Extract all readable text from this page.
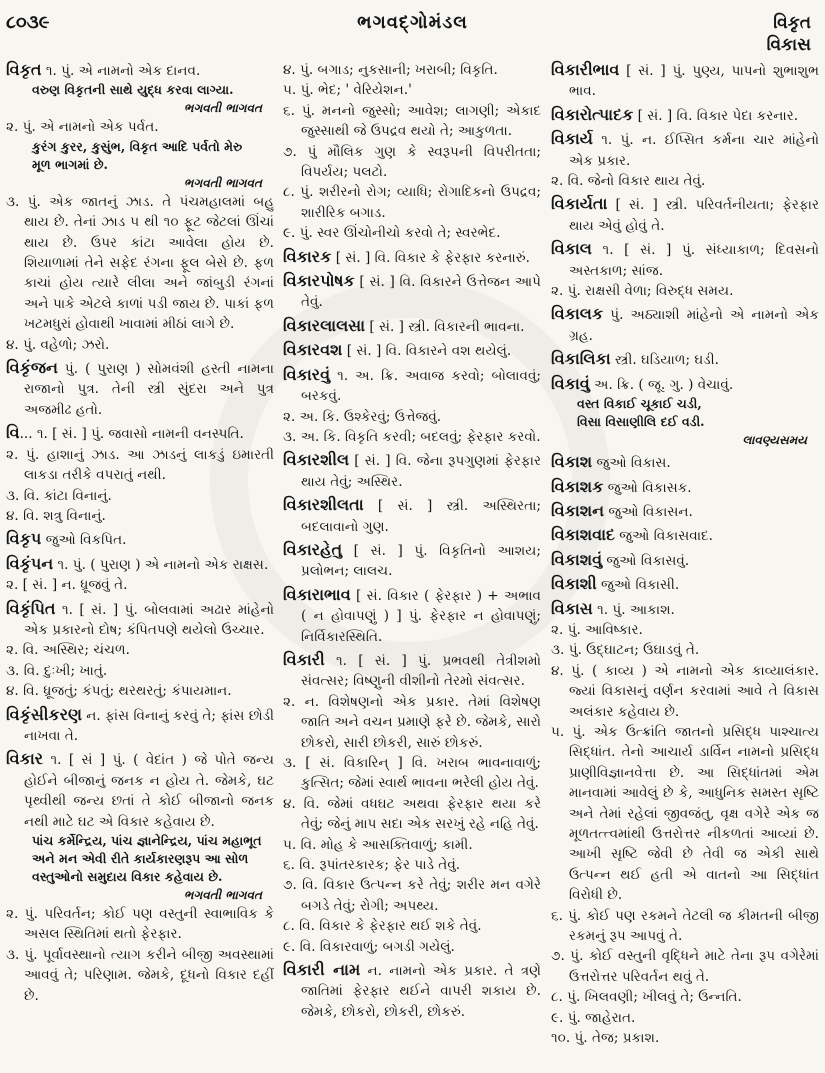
૮૦૩૯	ભગવદ્ગોમંડલ	વિકૃત
વિકાસ
વિકૃત ૧. પું. એ નામનો એક દાનવ.
વરુણ વિકૃતની સાથે યુદ્ધ કરવા લાગ્યા.
ભગવતી ભાગવત
૨. પું. એ નામનો એક પર્વત.
કુરંગ કુરર, કુસુંભ, વિકૃત આદિ પર્વતો મેરુ
મૂળ ભાગમાં છે.
ભગવતી ભાગવત
૩. પું. એક જાતનું ઝાડ. તે પંચમહાલમાં બહુ થાય છે. તેનાં ઝાડ ૫ થી ૧૦ ફૂટ જેટલાં ઊંચાં થાય છે. ઉપર કાંટા આવેલા હોય છે. શિયાળામાં તેને સફેદ રંગના ફૂલ બેસે છે. ફળ કાચાં હોય ત્યારે લીલા અને જાંબુડી રંગનાં અને પાકે એટલે કાળાં પડી જાય છે. પાકાં ફળ ખટમધુરાં હોવાથી ખાવામાં મીઠાં લાગે છે.
૪. પું. વહેળો; ઝરો.
વિકૃંજન પું. ( પુરાણ ) સોમવંશી હસ્તી નામના રાજાનો પુત્ર. તેની સ્ત્રી સુંદરા અને પુત્ર અજમીઢ હતો.
વિ... ૧. [ સં. ] પું. જવાસો નામની વનસ્પતિ.
૨. પું. હાશાનું ઝાડ. આ ઝાડનું લાકડું ઇમારતી લાકડા તરીકે વપરાતું નથી.
૩. વિ. કાંટા વિનાનું.
૪. વિ. શત્રુ વિનાનું.
વિકૃપ જુઓ વિકપિત.
વિકૃંપન ૧. પું. ( પુરાણ ) એ નામનો એક રાક્ષસ.
૨. [ સં. ] ન. ધ્રૂજવું તે.
વિકૃંપિત ૧. [ સં. ] પું. બોલવામાં અઢાર માંહેનો એક પ્રકારનો દોષ; કંપિતપણે થયેલો ઉચ્ચાર.
૨. વિ. અસ્થિર; ચંચળ.
૩. વિ. દુઃખી; ખાતું.
૪. વિ. ધ્રૂજતું; કંપતું; થરથરતું; કંપાયમાન.
વિકૃંસીકરણ ન. ફાંસ વિનાનું કરવું તે; ફાંસ છોડી નાખવા તે.
વિકાર ૧. [ સં ] પું. ( વેદાંત ) જે પોતે જન્ય હોઈને બીજાનું જનક ન હોય તે. જેમકે, ઘટ પૃથ્વીથી જન્ય છતાં તે કોઈ બીજાનો જનક નથી માટે ઘટ એ વિકાર કહેવાય છે.
પાંચ કર્મેન્દ્રિય, પાંચ જ્ઞાનેન્દ્રિય, પાંચ મહાભૂત
અને મન એવી રીતે કાર્યકારણરૂપ આ સોળ
વસ્તુઓનો સમુદાય વિકાર કહેવાય છે.
ભગવતી ભાગવત
૨. પું. પરિવર્તન; કોઈ પણ વસ્તુની સ્વાભાવિક કે અસલ સ્થિતિમાં થતો ફેરફાર.
૩. પું. પૂર્વાવસ્થાનો ત્યાગ કરીને બીજી અવસ્થામાં આવવું તે; પરિણામ. જેમકે, દૂધનો વિકાર દહીં છે.
૪. પું. બગાડ; નુકસાની; ખરાબી; વિકૃતિ.
૫. પું. ભેદ; ' વેરિયેશન.'
૬. પું. મનનો જુસ્સો; આવેશ; લાગણી; એકાદ જુસ્સાથી જે ઉપદ્રવ થયો તે; આકુળતા.
૭. પું મૌલિક ગુણ કે સ્વરૂપની વિપરીતતા; વિપર્યય; પલટો.
૮. પું. શરીરનો રોગ; વ્યાધિ; રોગાદિકનો ઉપદ્રવ; શારીરિક બગાડ.
૯. પું. સ્વર ઊંચોનીચો કરવો તે; સ્વરભેદ.
વિકારક [ સં. ] વિ. વિકાર કે ફેરફાર કરનારું.
વિકારપોષક [ સં. ] વિ. વિકારને ઉત્તેજન આપે તેવું.
વિકારલાલસા [ સં. ] સ્ત્રી. વિકારની ભાવના.
વિકારવશ [ સં. ] વિ. વિકારને વશ થયેલું.
વિકારવું ૧. અ. ક્રિ. અવાજ કરવો; બોલાવવું; બરકવું.
૨. અ. કિ. ઉશ્કેરવું; ઉત્તેજવું.
૩. અ. કિ. વિકૃતિ કરવી; બદલવું; ફેરફાર કરવો.
વિકારશીલ [ સં. ] વિ. જેના રૂપગુણમાં ફેરફાર થાય તેવું; અસ્થિર.
વિકારશીલતા [ સં. ] સ્ત્રી. અસ્થિરતા; બદલાવાનો ગુણ.
વિકારહેતુ [ સં. ] પું. વિકૃતિનો આશય; પ્રલોભન; લાલચ.
વિકારાભાવ [ સં. વિકાર ( ફેરફાર ) + અભાવ ( ન હોવાપણું ) ] પું. ફેરફાર ન હોવાપણું; નિર્વિકારસ્થિતિ.
વિકારી ૧. [ સં. ] પું. પ્રભવથી તેત્રીશમો સંવત્સર; વિષ્ણુની વીશીનો તેરમો સંવત્સર.
૨. ન. વિશેષણનો એક પ્રકાર. તેમાં વિશેષણ જાતિ અને વચન પ્રમાણે ફરે છે. જેમકે, સારો છોકરો, સારી છોકરી, સારું છોકરું.
૩. [ સં. વિકારિન્ ] વિ. ખરાબ ભાવનાવાળું; કુત્સિત; જેમાં સ્વાર્થ ભાવના ભરેલી હોય તેવું.
૪. વિ. જેમાં વધઘટ અથવા ફેરફાર થયા કરે તેવું; જેનું માપ સદા એક સરખું રહે નહિ તેવું.
૫. વિ. મોહ કે આસક્તિવાળું; કામી.
૬. વિ. રૂપાંતરકારક; ફેર પાડે તેવું.
૭. વિ. વિકાર ઉત્પન્ન કરે તેવું; શરીર મન વગેરે બગડે તેવું; રોગી; અપથ્ય.
૮. વિ. વિકાર કે ફેરફાર થઈ શકે તેવું.
૯. વિ. વિકારવાળું; બગડી ગયેલું.
વિકારી નામ ન. નામનો એક પ્રકાર. તે ત્રણે જાતિમાં ફેરફાર થઈને વાપરી શકાય છે. જેમકે, છોકરો, છોકરી, છોકરું.
વિકારીભાવ [ સં. ] પું. પુણ્ય, પાપનો શુભાશુભ ભાવ.
વિકારોત્પાદક [ સં. ] વિ. વિકાર પેદા કરનાર.
વિકાર્ય ૧. પું. ન. ઈપ્સિત કર્મના ચાર માંહેનો એક પ્રકાર.
૨. વિ. જેનો વિકાર થાય તેવું.
વિકાર્યતા [ સં. ] સ્ત્રી. પરિવર્તનીયતા; ફેરફાર થાય એવું હોવું તે.
વિકાલ ૧. [ સં. ] પું. સંધ્યાકાળ; દિવસનો અસ્તકાળ; સાંજ.
૨. પું. રાક્ષસી વેળા; વિરુદ્ધ સમય.
વિકાલક પું. અઠ્યાશી માંહેનો એ નામનો એક ગ્રહ.
વિકાલિકા સ્ત્રી. ઘડિયાળ; ઘડી.
વિકાવું અ. ક્રિ. ( જૂ. ગુ. ) વેચાવું.
વસ્ત વિકાઈ ચૂકાઈ ચડી,
વિસા વિસાણીલિ દઈ વડી.
લાવણ્યસમય
વિકાશ જુઓ વિકાસ.
વિકાશક જુઓ વિકાસક.
વિકાશન જુઓ વિકાસન.
વિકાશવાદ જુઓ વિકાસવાદ.
વિકાશવું જુઓ વિકાસવું.
વિકાશી જુઓ વિકાસી.
વિકાસ ૧. પું. આકાશ.
૨. પું. આવિષ્કાર.
૩. પું. ઉદ્ઘાટન; ઉઘાડવું તે.
૪. પું. ( કાવ્ય ) એ નામનો એક કાવ્યાલંકાર. જ્યાં વિકાસનું વર્ણન કરવામાં આવે તે વિકાસ અલંકાર કહેવાય છે.
૫. પું. એક ઉત્ક્રાંતિ જાતનો પ્રસિદ્ધ પાશ્ચાત્ય સિદ્ધાંત. તેનો આચાર્ય ડાર્વિન નામનો પ્રસિદ્ધ પ્રાણીવિજ્ઞાનવેત્તા છે. આ સિદ્ધાંતમાં એમ માનવામાં આવેલું છે કે, આધુનિક સમસ્ત સૃષ્ટિ અને તેમાં રહેલાં જીવજંતુ, વૃક્ષ વગેરે એક જ મૂળતત્ત્વમાંથી ઉત્તરોત્તર નીકળતાં આવ્યાં છે. આખી સૃષ્ટિ જેવી છે તેવી જ એકી સાથે ઉત્પન્ન થઈ હતી એ વાતનો આ સિદ્ધાંત વિરોધી છે.
૬. પું. કોઈ પણ રકમને તેટલી જ કીમતની બીજી રકમનું રૂપ આપવું તે.
૭. પું. કોઈ વસ્તુની વૃદ્ધિને માટે તેના રૂપ વગેરેમાં ઉત્તરોત્તર પરિવર્તન થવું તે.
૮. પું. ખિલવણી; ખીલવું તે; ઉન્નતિ.
૯. પું. જાહેરાત.
૧૦. પું. તેજ; પ્રકાશ.
